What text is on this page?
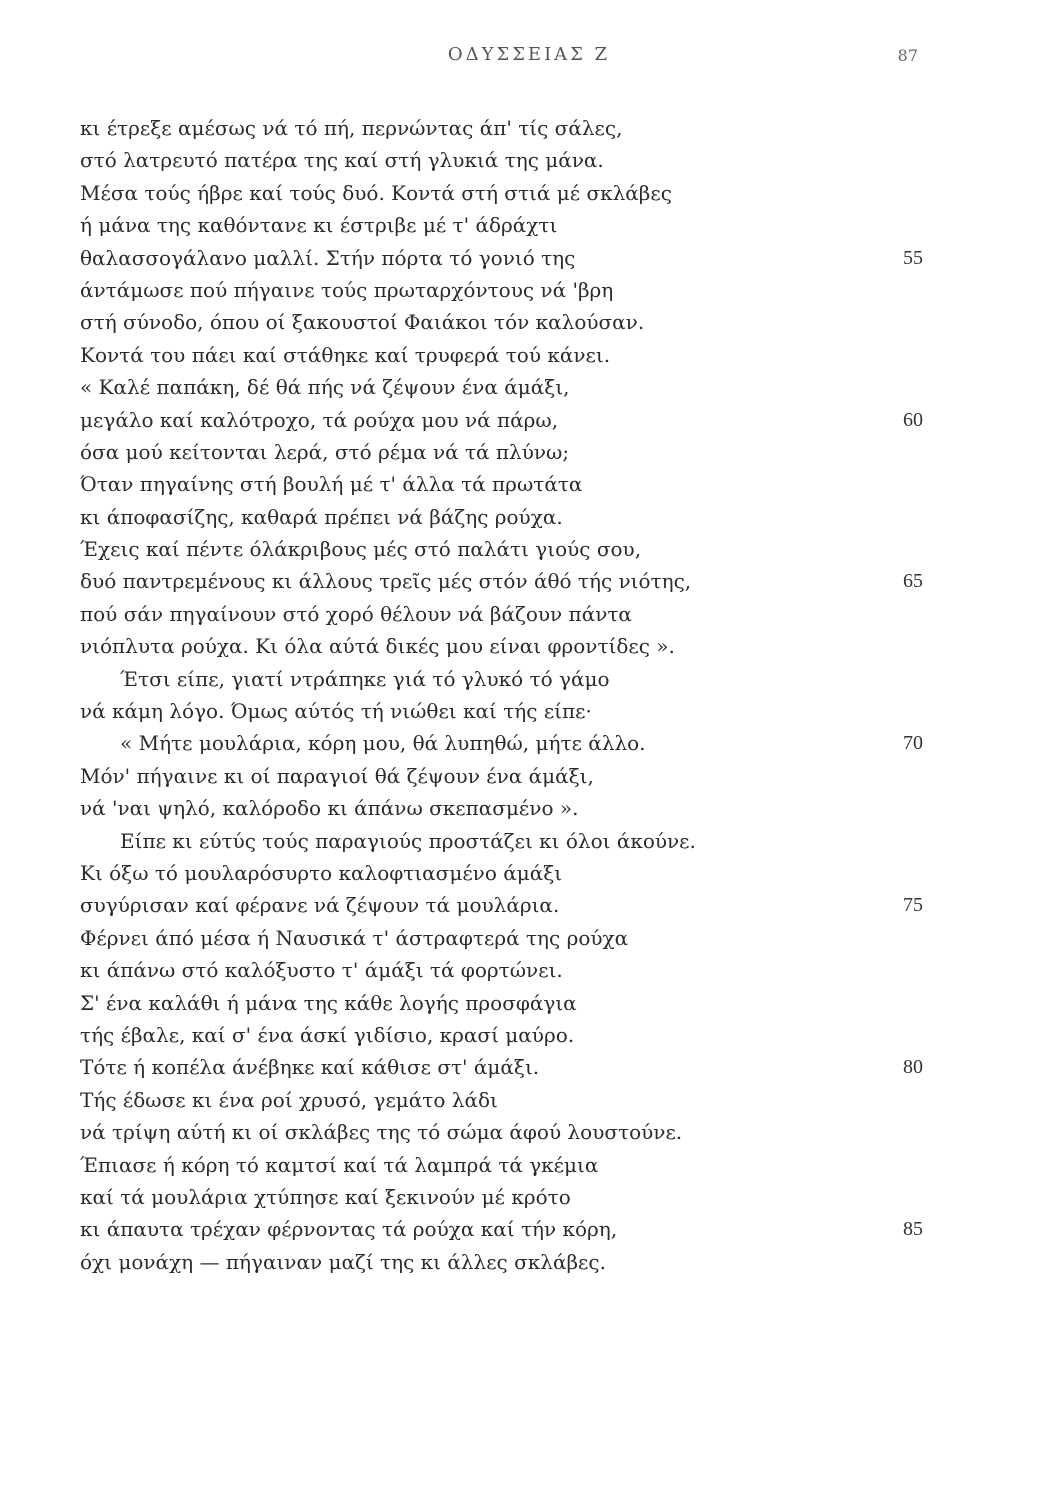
ΟΔΥΣΣΕΙΑΣ Ζ	87
κι έτρεξε αμέσως νά τό πή, περνώντας άπ' τίς σάλες,
στό λατρευτό πατέρα της καί στή γλυκιά της μάνα.
Μέσα τούς ήβρε καί τούς δυό. Κοντά στή στιά μέ σκλάβες
ή μάνα της καθόντανε κι έστριβε μέ τ' άδράχτι
θαλασσογάλανο μαλλί. Στήν πόρτα τό γονιό της	55
άντάμωσε πού πήγαινε τούς πρωταρχόντους νά 'βρη
στή σύνοδο, όπου οί ξακουστοί Φαιάκοι τόν καλούσαν.
Κοντά του πάει καί στάθηκε καί τρυφερά τού κάνει.
« Καλέ παπάκη, δέ θά πής νά ζέψουν ένα άμάξι,
μεγάλο καί καλότροχο, τά ρούχα μου νά πάρω,	60
όσα μού κείτονται λερά, στό ρέμα νά τά πλύνω;
Όταν πηγαίνης στή βουλή μέ τ' άλλα τά πρωτάτα
κι άποφασίζης, καθαρά πρέπει νά βάζης ρούχα.
Έχεις καί πέντε όλάκριβους μές στό παλάτι γιούς σου,
δυό παντρεμένους κι άλλους τρεῖς μές στόν άθό τής νιότης,	65
πού σάν πηγαίνουν στό χορό θέλουν νά βάζουν πάντα
νιόπλυτα ρούχα. Κι όλα αύτά δικές μου είναι φροντίδες ».
Έτσι είπε, γιατί ντράπηκε γιά τό γλυκό τό γάμο
νά κάμη λόγο. Όμως αύτός τή νιώθει καί τής είπε·
« Μήτε μουλάρια, κόρη μου, θά λυπηθώ, μήτε άλλο.	70
Μόν' πήγαινε κι οί παραγιοί θά ζέψουν ένα άμάξι,
νά 'ναι ψηλό, καλόροδο κι άπάνω σκεπασμένο ».
Είπε κι εύτύς τούς παραγιούς προστάζει κι όλοι άκούνε.
Κι όξω τό μουλαρόσυρτο καλοφτιασμένο άμάξι
συγύρισαν καί φέρανε νά ζέψουν τά μουλάρια.	75
Φέρνει άπό μέσα ή Ναυσικά τ' άστραφτερά της ρούχα
κι άπάνω στό καλόξυστο τ' άμάξι τά φορτώνει.
Σ' ένα καλάθι ή μάνα της κάθε λογής προσφάγια
τής έβαλε, καί σ' ένα άσκί γιδίσιο, κρασί μαύρο.
Τότε ή κοπέλα άνέβηκε καί κάθισε στ' άμάξι.	80
Τής έδωσε κι ένα ροί χρυσό, γεμάτο λάδι
νά τρίψη αύτή κι οί σκλάβες της τό σώμα άφού λουστούνε.
Έπιασε ή κόρη τό καμτσί καί τά λαμπρά τά γκέμια
καί τά μουλάρια χτύπησε καί ξεκινούν μέ κρότο
κι άπαυτα τρέχαν φέρνοντας τά ρούχα καί τήν κόρη,	85
όχι μονάχη — πήγαιναν μαζί της κι άλλες σκλάβες.
